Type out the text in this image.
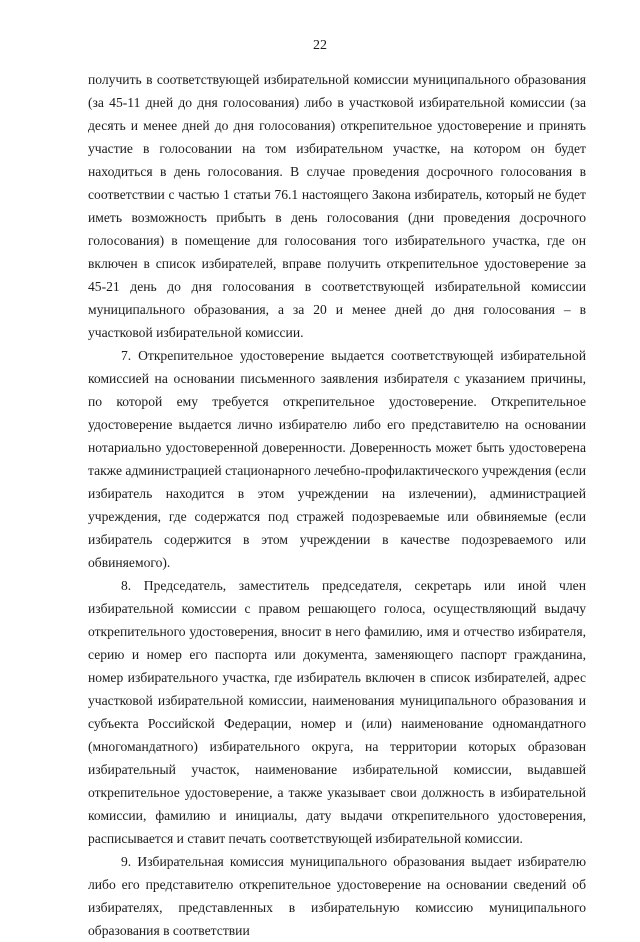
22

получить в соответствующей избирательной комиссии муниципального образования (за 45-11 дней до дня голосования) либо в участковой избирательной комиссии (за десять и менее дней до дня голосования) открепительное удостоверение и принять участие в голосовании на том избирательном участке, на котором он будет находиться в день голосования. В случае проведения досрочного голосования в соответствии с частью 1 статьи 76.1 настоящего Закона избиратель, который не будет иметь возможность прибыть в день голосования (дни проведения досрочного голосования) в помещение для голосования того избирательного участка, где он включен в список избирателей, вправе получить открепительное удостоверение за 45-21 день до дня голосования в соответствующей избирательной комиссии муниципального образования, а за 20 и менее дней до дня голосования – в участковой избирательной комиссии.

7. Открепительное удостоверение выдается соответствующей избирательной комиссией на основании письменного заявления избирателя с указанием причины, по которой ему требуется открепительное удостоверение. Открепительное удостоверение выдается лично избирателю либо его представителю на основании нотариально удостоверенной доверенности. Доверенность может быть удостоверена также администрацией стационарного лечебно-профилактического учреждения (если избиратель находится в этом учреждении на излечении), администрацией учреждения, где содержатся под стражей подозреваемые или обвиняемые (если избиратель содержится в этом учреждении в качестве подозреваемого или обвиняемого).

8. Председатель, заместитель председателя, секретарь или иной член избирательной комиссии с правом решающего голоса, осуществляющий выдачу открепительного удостоверения, вносит в него фамилию, имя и отчество избирателя, серию и номер его паспорта или документа, заменяющего паспорт гражданина, номер избирательного участка, где избиратель включен в список избирателей, адрес участковой избирательной комиссии, наименования муниципального образования и субъекта Российской Федерации, номер и (или) наименование одномандатного (многомандатного) избирательного округа, на территории которых образован избирательный участок, наименование избирательной комиссии, выдавшей открепительное удостоверение, а также указывает свои должность в избирательной комиссии, фамилию и инициалы, дату выдачи открепительного удостоверения, расписывается и ставит печать соответствующей избирательной комиссии.

9. Избирательная комиссия муниципального образования выдает избирателю либо его представителю открепительное удостоверение на основании сведений об избирателях, представленных в избирательную комиссию муниципального образования в соответствии
